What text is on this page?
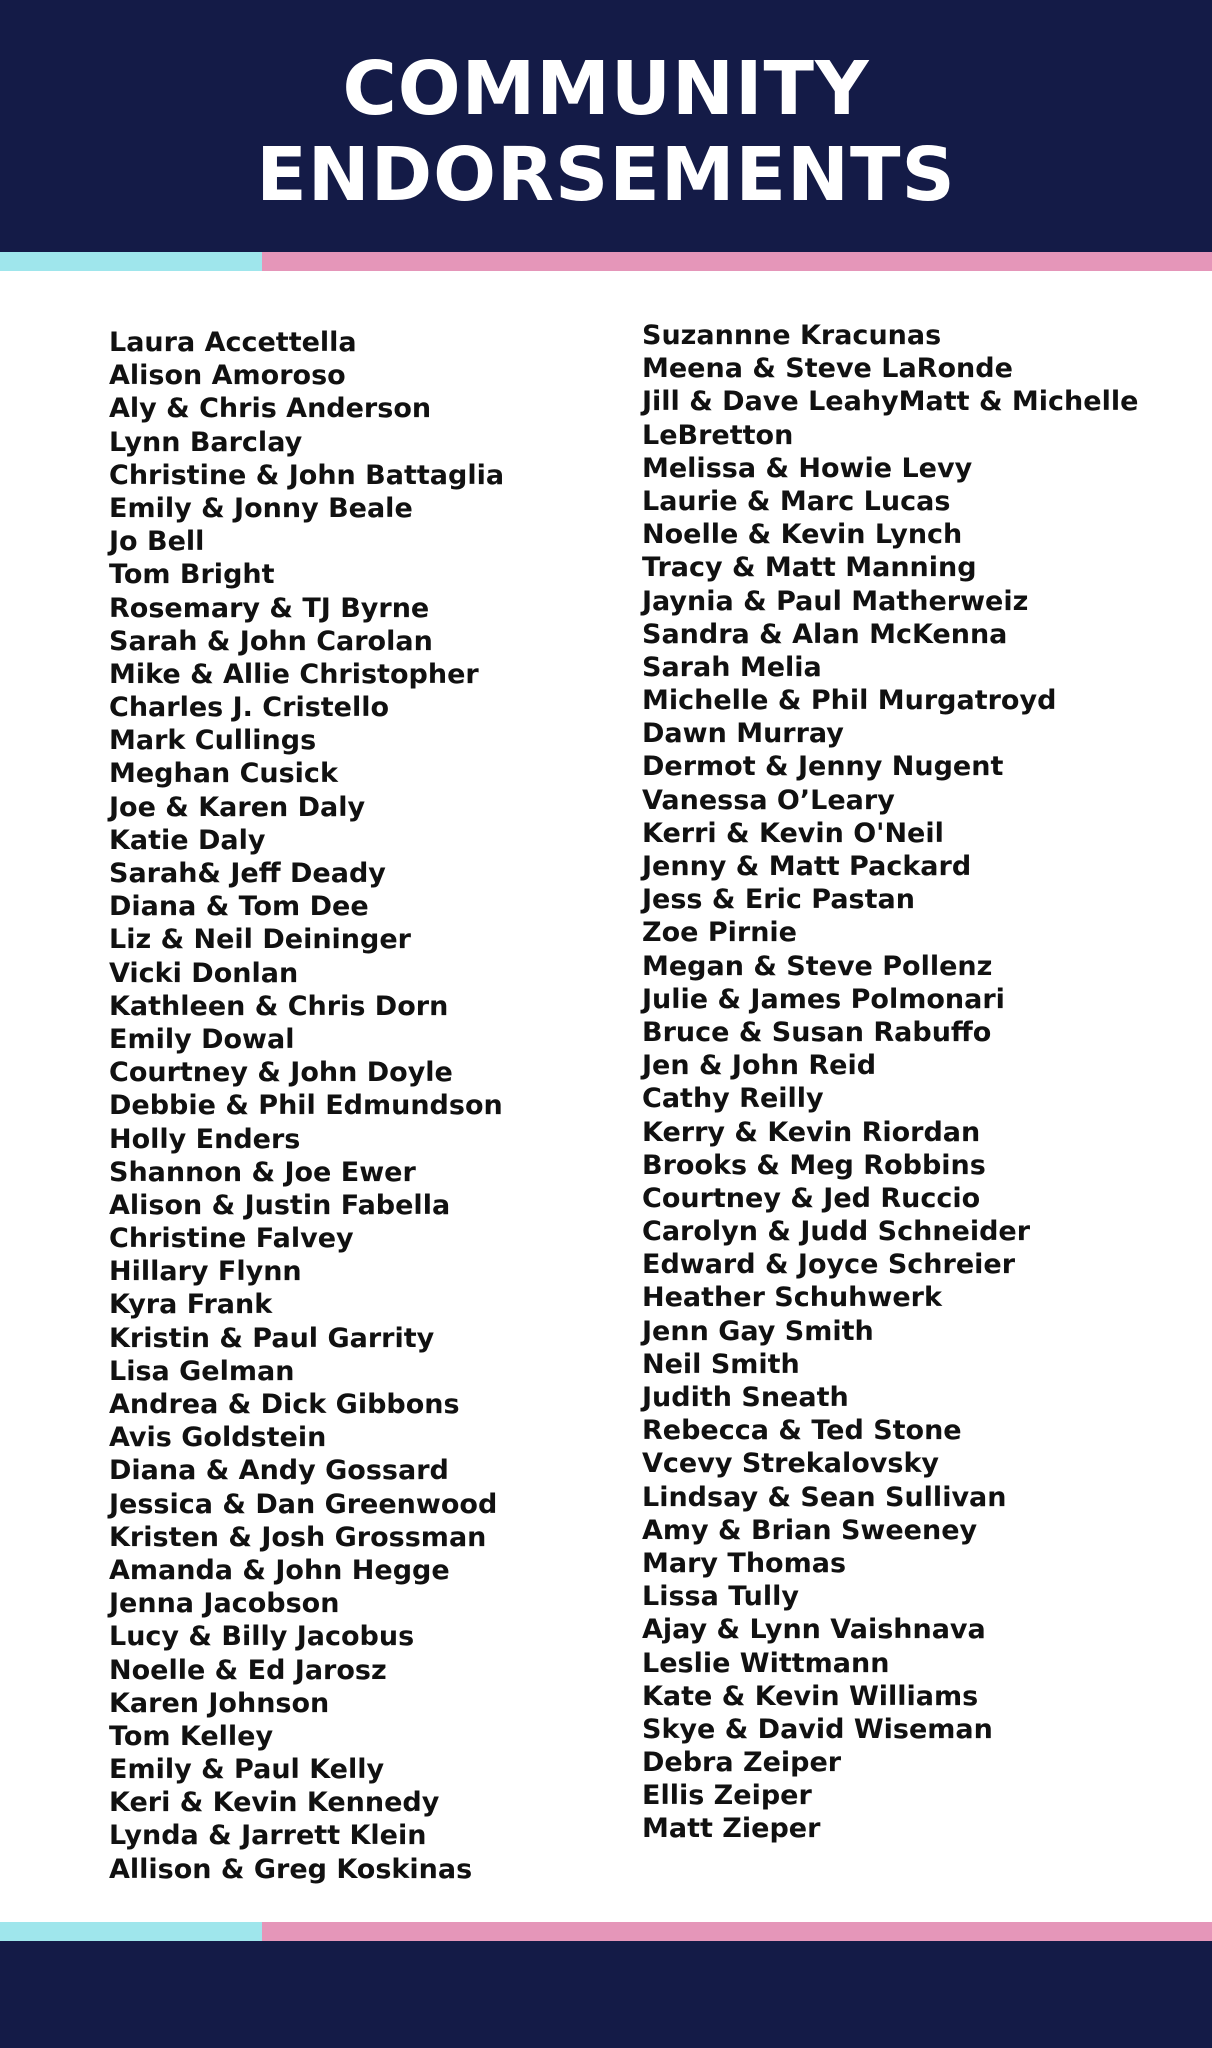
COMMUNITY
ENDORSEMENTS
Laura Accettella
Alison Amoroso
Aly & Chris Anderson
Lynn Barclay
Christine & John Battaglia
Emily & Jonny Beale
Jo Bell
Tom Bright
Rosemary & TJ Byrne
Sarah & John Carolan
Mike & Allie Christopher
Charles J. Cristello
Mark Cullings
Meghan Cusick
Joe & Karen Daly
Katie Daly
Sarah& Jeff Deady
Diana & Tom Dee
Liz & Neil Deininger
Vicki Donlan
Kathleen & Chris Dorn
Emily Dowal
Courtney & John Doyle
Debbie & Phil Edmundson
Holly Enders
Shannon & Joe Ewer
Alison & Justin Fabella
Christine Falvey
Hillary Flynn
Kyra Frank
Kristin & Paul Garrity
Lisa Gelman
Andrea & Dick Gibbons
Avis Goldstein
Diana & Andy Gossard
Jessica & Dan Greenwood
Kristen & Josh Grossman
Amanda & John Hegge
Jenna Jacobson
Lucy & Billy Jacobus
Noelle & Ed Jarosz
Karen Johnson
Tom Kelley
Emily & Paul Kelly
Keri & Kevin Kennedy
Lynda & Jarrett Klein
Allison & Greg Koskinas
Suzannne Kracunas
Meena & Steve LaRonde
Jill & Dave LeahyMatt & Michelle
LeBretton
Melissa & Howie Levy
Laurie & Marc Lucas
Noelle & Kevin Lynch
Tracy & Matt Manning
Jaynia & Paul Matherweiz
Sandra & Alan McKenna
Sarah Melia
Michelle & Phil Murgatroyd
Dawn Murray
Dermot & Jenny Nugent
Vanessa O’Leary
Kerri & Kevin O'Neil
Jenny & Matt Packard
Jess & Eric Pastan
Zoe Pirnie
Megan & Steve Pollenz
Julie & James Polmonari
Bruce & Susan Rabuffo
Jen & John Reid
Cathy Reilly
Kerry & Kevin Riordan
Brooks & Meg Robbins
Courtney & Jed Ruccio
Carolyn & Judd Schneider
Edward & Joyce Schreier
Heather Schuhwerk
Jenn Gay Smith
Neil Smith
Judith Sneath
Rebecca & Ted Stone
Vcevy Strekalovsky
Lindsay & Sean Sullivan
Amy & Brian Sweeney
Mary Thomas
Lissa Tully
Ajay & Lynn Vaishnava
Leslie Wittmann
Kate & Kevin Williams
Skye & David Wiseman
Debra Zeiper
Ellis Zeiper
Matt Zieper
